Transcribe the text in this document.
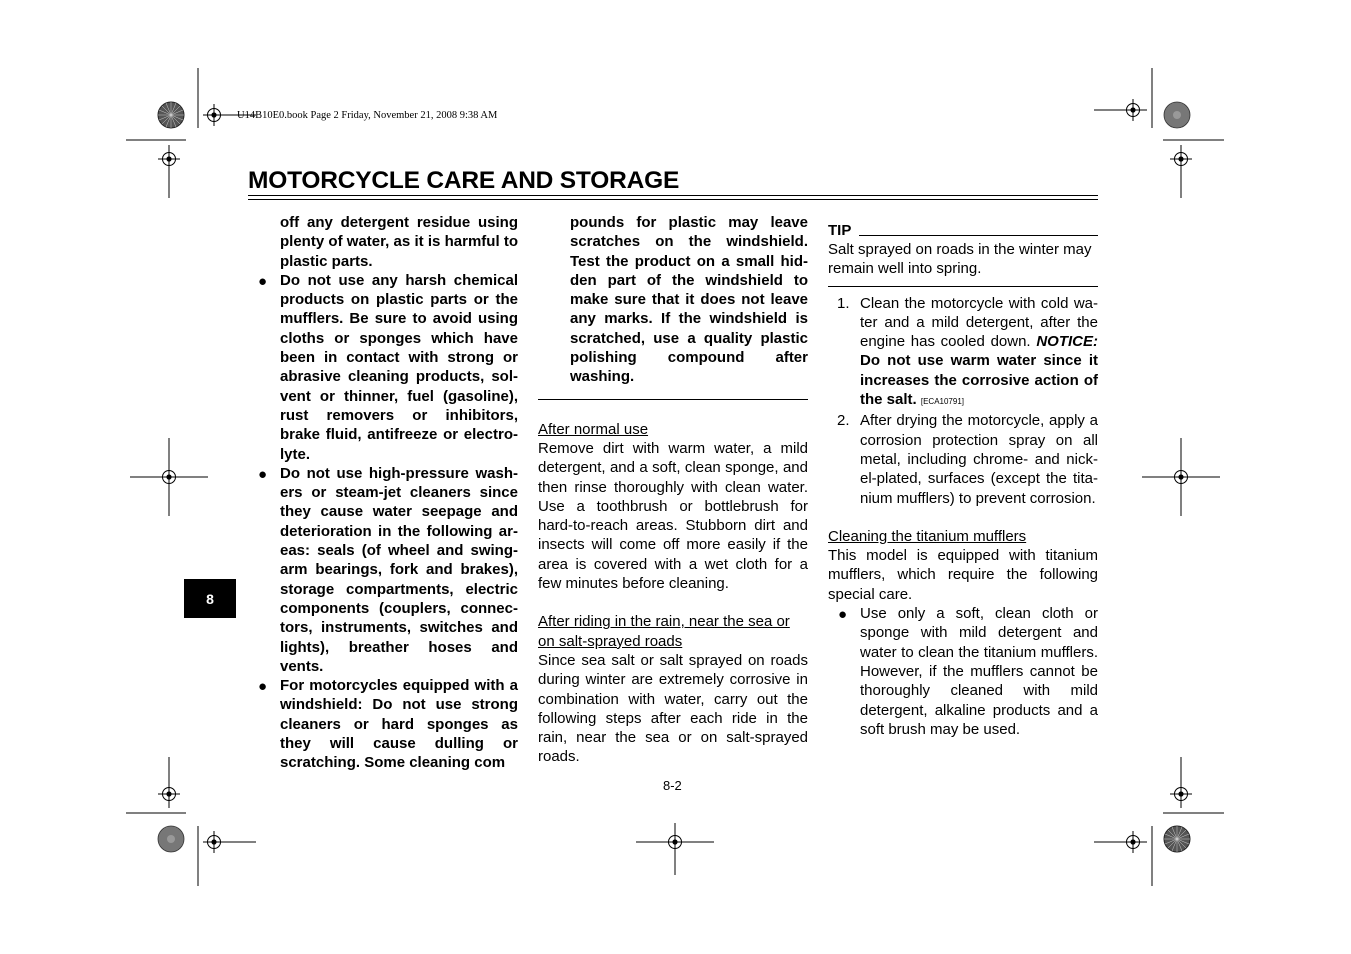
U14B10E0.book Page 2 Friday, November 21, 2008 9:38 AM
MOTORCYCLE CARE AND STORAGE
8

off any detergent residue using plenty of water, as it is harmful to plastic parts.

● Do not use any harsh chemical products on plastic parts or the mufflers. Be sure to avoid using cloths or sponges which have been in contact with strong or abrasive cleaning products, solvent or thinner, fuel (gasoline), rust removers or inhibitors, brake fluid, antifreeze or electrolyte.

● Do not use high-pressure washers or steam-jet cleaners since they cause water seepage and deterioration in the following areas: seals (of wheel and swingarm bearings, fork and brakes), storage compartments, electric components (couplers, connectors, instruments, switches and lights), breather hoses and vents.

● For motorcycles equipped with a windshield: Do not use strong cleaners or hard sponges as they will cause dulling or scratching. Some cleaning com

pounds for plastic may leave scratches on the windshield. Test the product on a small hidden part of the windshield to make sure that it does not leave any marks. If the windshield is scratched, use a quality plastic polishing compound after washing.

After normal use

Remove dirt with warm water, a mild detergent, and a soft, clean sponge, and then rinse thoroughly with clean water. Use a toothbrush or bottlebrush for hard-to-reach areas. Stubborn dirt and insects will come off more easily if the area is covered with a wet cloth for a few minutes before cleaning.

After riding in the rain, near the sea or on salt-sprayed roads

Since sea salt or salt sprayed on roads during winter are extremely corrosive in combination with water, carry out the following steps after each ride in the rain, near the sea or on salt-sprayed roads.

TIP

Salt sprayed on roads in the winter may remain well into spring.

1. Clean the motorcycle with cold water and a mild detergent, after the engine has cooled down. NOTICE: Do not use warm water since it increases the corrosive action of the salt. [ECA10791]

2. After drying the motorcycle, apply a corrosion protection spray on all metal, including chrome- and nickel-plated, surfaces (except the titanium mufflers) to prevent corrosion.

Cleaning the titanium mufflers

This model is equipped with titanium mufflers, which require the following special care.

● Use only a soft, clean cloth or sponge with mild detergent and water to clean the titanium mufflers. However, if the mufflers cannot be thoroughly cleaned with mild detergent, alkaline products and a soft brush may be used.

8-2
